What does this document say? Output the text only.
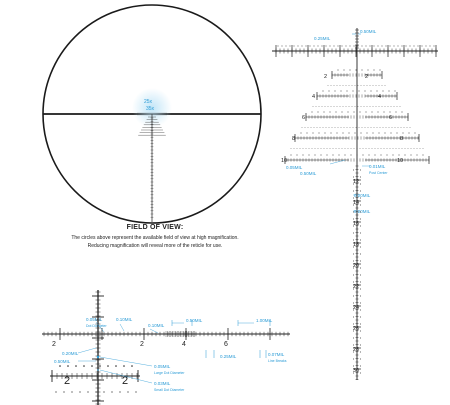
25x
35x
0.50MIL
0.25MIL
2	2
4	4
6	6
8	8
10	10
0.05MIL
0.50MIL
0.01MIL
Post Center
0.20MIL
0.20MIL
12
14
16
18
20
22
24
26
28
30
0.05MIL
Dot Diameter
0.10MIL
0.10MIL
0.50MIL	1.00MIL
2	2	4	6
0.20MIL
0.50MIL
0.25MIL	0.07MIL
Line Breaks
0.05MIL
Large Dot Diameter
0.03MIL
Small Dot Diameter
2	2
FIELD OF VIEW:
The circles above represent the available field of view at high magnification. Reducing magnification will reveal more of the reticle for use.
